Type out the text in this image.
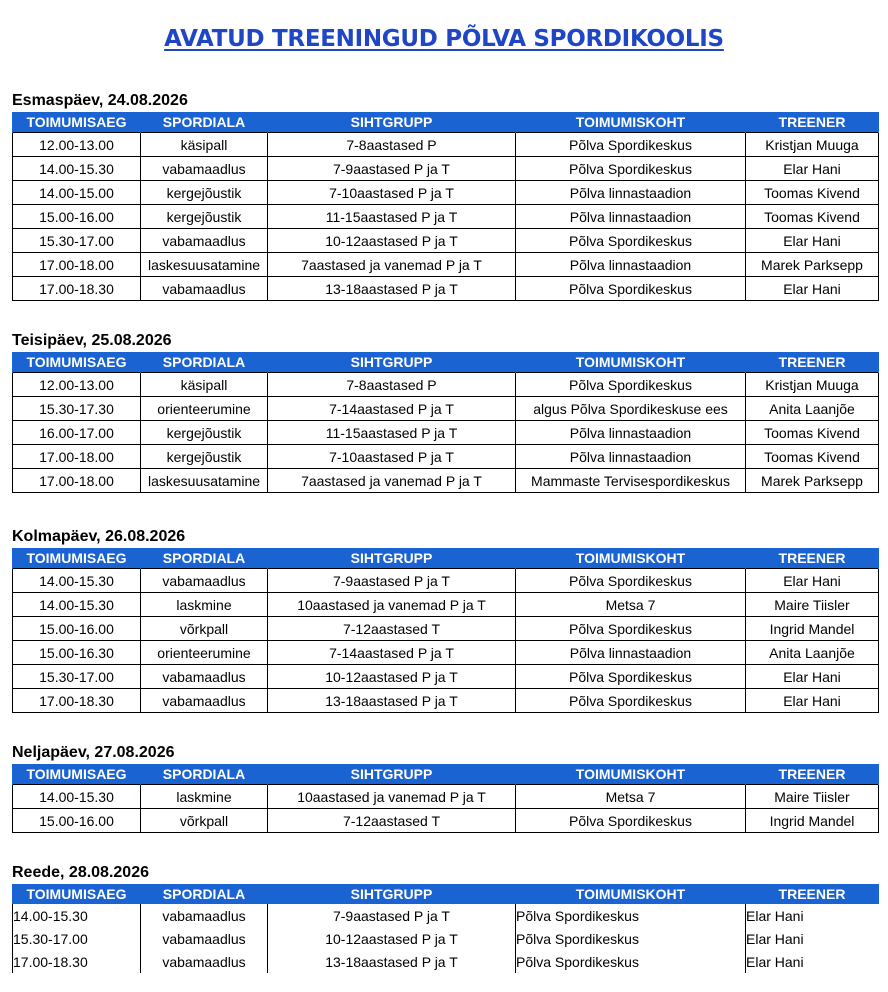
AVATUD TREENINGUD PÕLVA SPORDIKOOLIS
Esmaspäev, 24.08.2026
TOIMUMISAEG	SPORDIALA	SIHTGRUPP	TOIMUMISKOHT	TREENER
12.00-13.00	käsipall	7-8aastased P	Põlva Spordikeskus	Kristjan Muuga
14.00-15.30	vabamaadlus	7-9aastased P ja T	Põlva Spordikeskus	Elar Hani
14.00-15.00	kergejõustik	7-10aastased P ja T	Põlva linnastaadion	Toomas Kivend
15.00-16.00	kergejõustik	11-15aastased P ja T	Põlva linnastaadion	Toomas Kivend
15.30-17.00	vabamaadlus	10-12aastased P ja T	Põlva Spordikeskus	Elar Hani
17.00-18.00	laskesuusatamine	7aastased ja vanemad P ja T	Põlva linnastaadion	Marek Parksepp
17.00-18.30	vabamaadlus	13-18aastased P ja T	Põlva Spordikeskus	Elar Hani
Teisipäev, 25.08.2026
TOIMUMISAEG	SPORDIALA	SIHTGRUPP	TOIMUMISKOHT	TREENER
12.00-13.00	käsipall	7-8aastased P	Põlva Spordikeskus	Kristjan Muuga
15.30-17.30	orienteerumine	7-14aastased P ja T	algus Põlva Spordikeskuse ees	Anita Laanjõe
16.00-17.00	kergejõustik	11-15aastased P ja T	Põlva linnastaadion	Toomas Kivend
17.00-18.00	kergejõustik	7-10aastased P ja T	Põlva linnastaadion	Toomas Kivend
17.00-18.00	laskesuusatamine	7aastased ja vanemad P ja T	Mammaste Tervisespordikeskus	Marek Parksepp
Kolmapäev, 26.08.2026
TOIMUMISAEG	SPORDIALA	SIHTGRUPP	TOIMUMISKOHT	TREENER
14.00-15.30	vabamaadlus	7-9aastased P ja T	Põlva Spordikeskus	Elar Hani
14.00-15.30	laskmine	10aastased ja vanemad P ja T	Metsa 7	Maire Tiisler
15.00-16.00	võrkpall	7-12aastased T	Põlva Spordikeskus	Ingrid Mandel
15.00-16.30	orienteerumine	7-14aastased P ja T	Põlva linnastaadion	Anita Laanjõe
15.30-17.00	vabamaadlus	10-12aastased P ja T	Põlva Spordikeskus	Elar Hani
17.00-18.30	vabamaadlus	13-18aastased P ja T	Põlva Spordikeskus	Elar Hani
Neljapäev, 27.08.2026
TOIMUMISAEG	SPORDIALA	SIHTGRUPP	TOIMUMISKOHT	TREENER
14.00-15.30	laskmine	10aastased ja vanemad P ja T	Metsa 7	Maire Tiisler
15.00-16.00	võrkpall	7-12aastased T	Põlva Spordikeskus	Ingrid Mandel
Reede, 28.08.2026
TOIMUMISAEG	SPORDIALA	SIHTGRUPP	TOIMUMISKOHT	TREENER
14.00-15.30	vabamaadlus	7-9aastased P ja T	Põlva Spordikeskus	Elar Hani
15.30-17.00	vabamaadlus	10-12aastased P ja T	Põlva Spordikeskus	Elar Hani
17.00-18.30	vabamaadlus	13-18aastased P ja T	Põlva Spordikeskus	Elar Hani
